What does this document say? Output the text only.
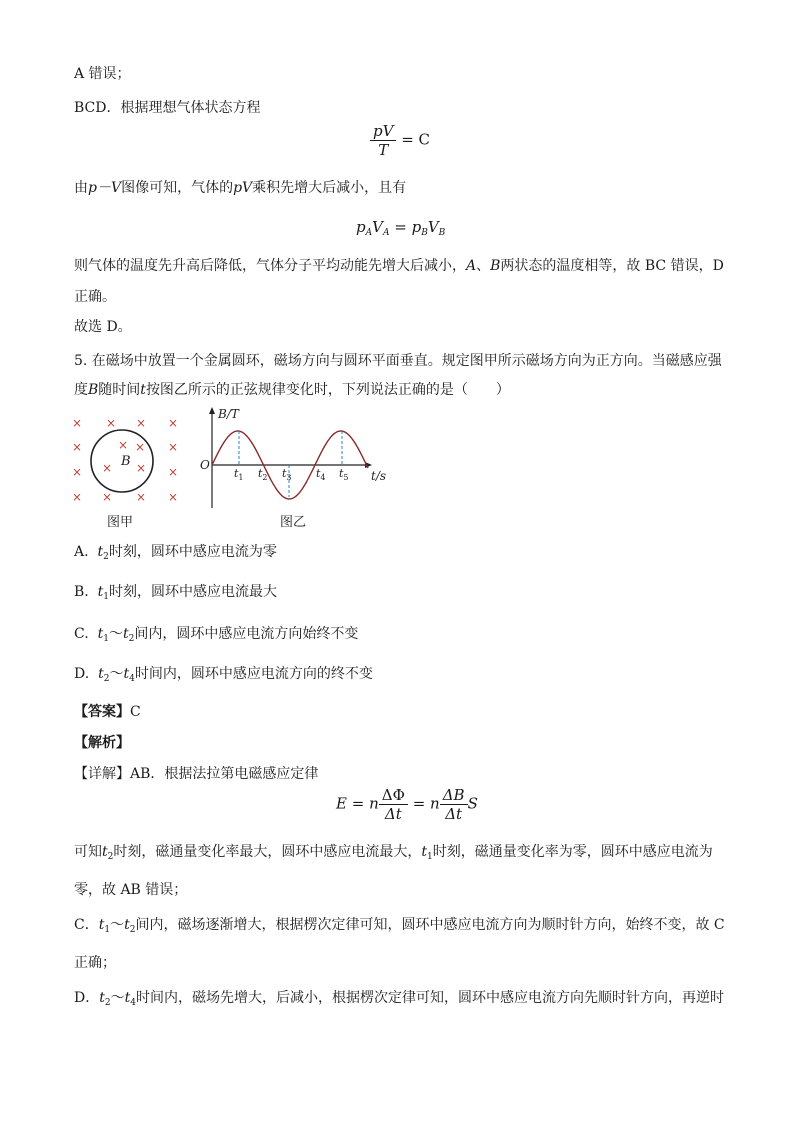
A 错误；
BCD．根据理想气体状态方程
$\frac{pV}{T} = C$
由p－V图像可知，气体的pV乘积先增大后减小，且有
$p_AV_A = p_BV_B$
则气体的温度先升高后降低，气体分子平均动能先增大后减小，A、B两状态的温度相等，故 BC 错误，D
正确。
故选 D。
5. 在磁场中放置一个金属圆环，磁场方向与圆环平面垂直。规定图甲所示磁场方向为正方向。当磁感应强
度B随时间t按图乙所示的正弦规律变化时，下列说法正确的是（　　）
× × × ×
×	×
×
× ×
×	×
× × × ×
×
B
图甲
B/T
O
t/s
$t_1$ $t_2$ $t_3$ $t_4$ $t_5$
图乙
A. $t_2$时刻，圆环中感应电流为零
B. $t_1$时刻，圆环中感应电流最大
C. $t_1\sim t_2$间内，圆环中感应电流方向始终不变
D. $t_2\sim t_4$时间内，圆环中感应电流方向的终不变
【答案】C
【解析】
【详解】AB．根据法拉第电磁感应定律
E = n $\frac{\Delta\Phi}{\Delta t} = n \frac{\Delta B}{\Delta t}$ S
可知$t_2$时刻，磁通量变化率最大，圆环中感应电流最大，$t_1$时刻，磁通量变化率为零，圆环中感应电流为
零，故 AB 错误；
C．$t_1\sim t_2$间内，磁场逐渐增大，根据楞次定律可知，圆环中感应电流方向为顺时针方向，始终不变，故 C
正确；
D．$t_2\sim t_4$时间内，磁场先增大，后减小，根据楞次定律可知，圆环中感应电流方向先顺时针方向，再逆时
